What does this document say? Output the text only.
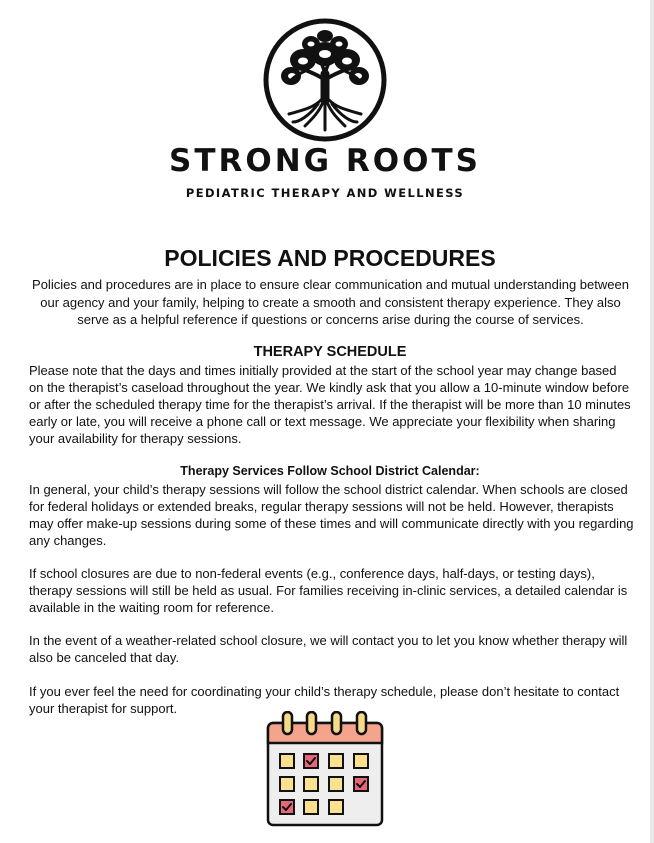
STRONG ROOTS
PEDIATRIC THERAPY AND WELLNESS
POLICIES AND PROCEDURES

Policies and procedures are in place to ensure clear communication and mutual understanding between our agency and your family, helping to create a smooth and consistent therapy experience. They also serve as a helpful reference if questions or concerns arise during the course of services.

THERAPY SCHEDULE

Please note that the days and times initially provided at the start of the school year may change based on the therapist’s caseload throughout the year. We kindly ask that you allow a 10-minute window before or after the scheduled therapy time for the therapist’s arrival. If the therapist will be more than 10 minutes early or late, you will receive a phone call or text message. We appreciate your flexibility when sharing your availability for therapy sessions.

Therapy Services Follow School District Calendar:

In general, your child’s therapy sessions will follow the school district calendar. When schools are closed for federal holidays or extended breaks, regular therapy sessions will not be held. However, therapists may offer make-up sessions during some of these times and will communicate directly with you regarding any changes.

If school closures are due to non-federal events (e.g., conference days, half-days, or testing days), therapy sessions will still be held as usual. For families receiving in-clinic services, a detailed calendar is available in the waiting room for reference.

In the event of a weather-related school closure, we will contact you to let you know whether therapy will also be canceled that day.

If you ever feel the need for coordinating your child’s therapy schedule, please don’t hesitate to contact your therapist for support.
